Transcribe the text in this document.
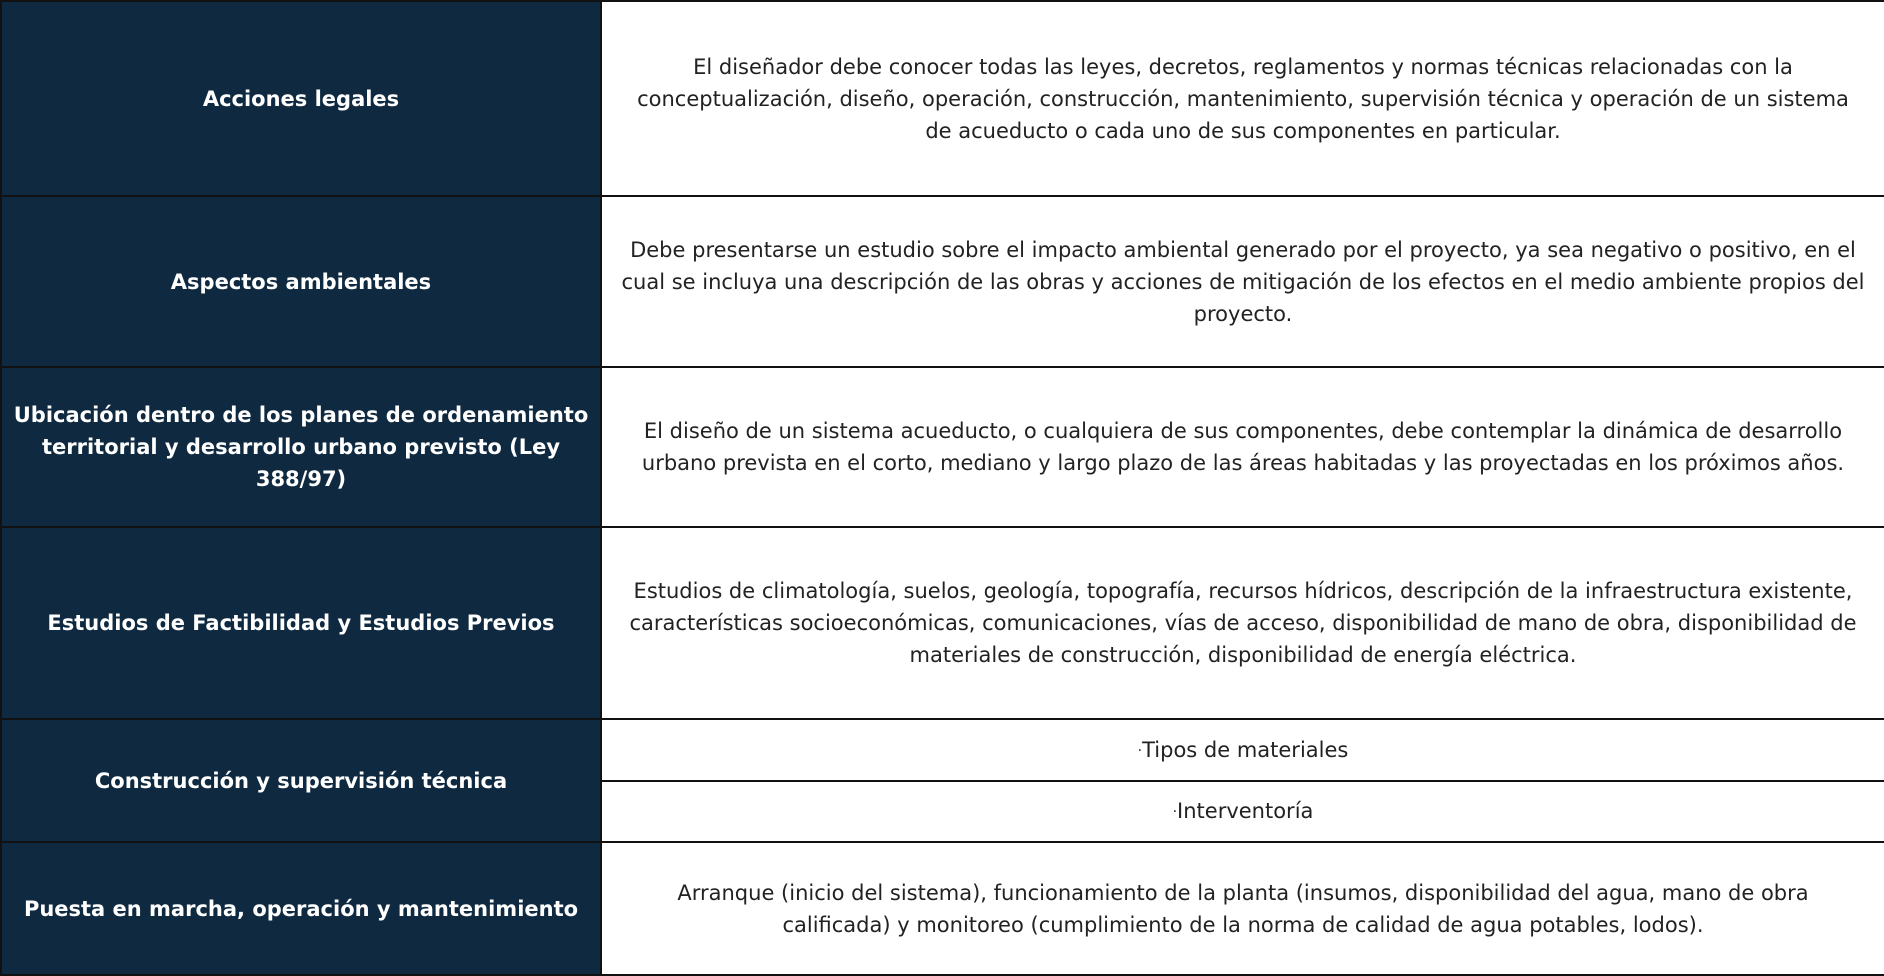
Acciones legales	El diseñador debe conocer todas las leyes, decretos, reglamentos y normas técnicas relacionadas con la conceptualización, diseño, operación, construcción, mantenimiento, supervisión técnica y operación de un sistema de acueducto o cada uno de sus componentes en particular.
Aspectos ambientales	Debe presentarse un estudio sobre el impacto ambiental generado por el proyecto, ya sea negativo o positivo, en el cual se incluya una descripción de las obras y acciones de mitigación de los efectos en el medio ambiente propios del proyecto.
Ubicación dentro de los planes de ordenamiento territorial y desarrollo urbano previsto (Ley 388/97)	El diseño de un sistema acueducto, o cualquiera de sus componentes, debe contemplar la dinámica de desarrollo urbano prevista en el corto, mediano y largo plazo de las áreas habitadas y las proyectadas en los próximos años.
Estudios de Factibilidad y Estudios Previos	Estudios de climatología, suelos, geología, topografía, recursos hídricos, descripción de la infraestructura existente, características socioeconómicas, comunicaciones, vías de acceso, disponibilidad de mano de obra, disponibilidad de materiales de construcción, disponibilidad de energía eléctrica.
Construcción y supervisión técnica	·Tipos de materiales
	·Interventoría
Puesta en marcha, operación y mantenimiento	Arranque (inicio del sistema), funcionamiento de la planta (insumos, disponibilidad del agua, mano de obra calificada) y monitoreo (cumplimiento de la norma de calidad de agua potables, lodos).
